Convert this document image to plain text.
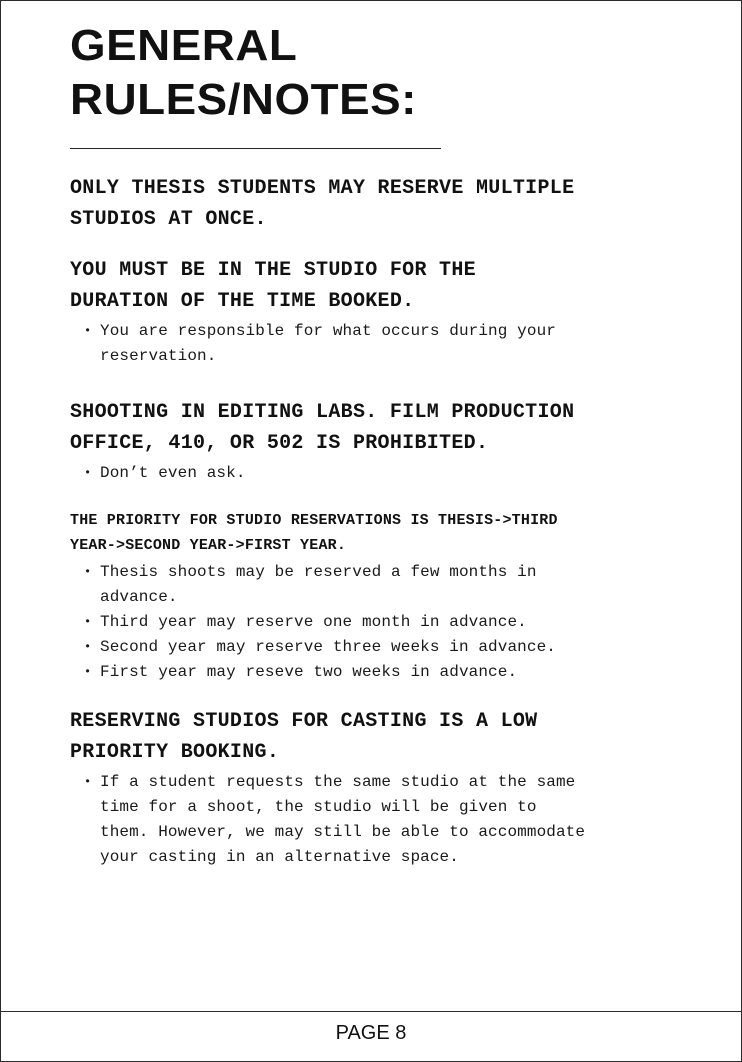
GENERAL
RULES/NOTES:

ONLY THESIS STUDENTS MAY RESERVE MULTIPLE
STUDIOS AT ONCE.

YOU MUST BE IN THE STUDIO FOR THE
DURATION OF THE TIME BOOKED.

• You are responsible for what occurs during your
reservation.

SHOOTING IN EDITING LABS. FILM PRODUCTION
OFFICE, 410, OR 502 IS PROHIBITED.

• Don’t even ask.

THE PRIORITY FOR STUDIO RESERVATIONS IS THESIS->THIRD
YEAR->SECOND YEAR->FIRST YEAR.

• Thesis shoots may be reserved a few months in
advance.
• Third year may reserve one month in advance.
• Second year may reserve three weeks in advance.
• First year may reseve two weeks in advance.

RESERVING STUDIOS FOR CASTING IS A LOW
PRIORITY BOOKING.

• If a student requests the same studio at the same
time for a shoot, the studio will be given to
them. However, we may still be able to accommodate
your casting in an alternative space.
PAGE 8
